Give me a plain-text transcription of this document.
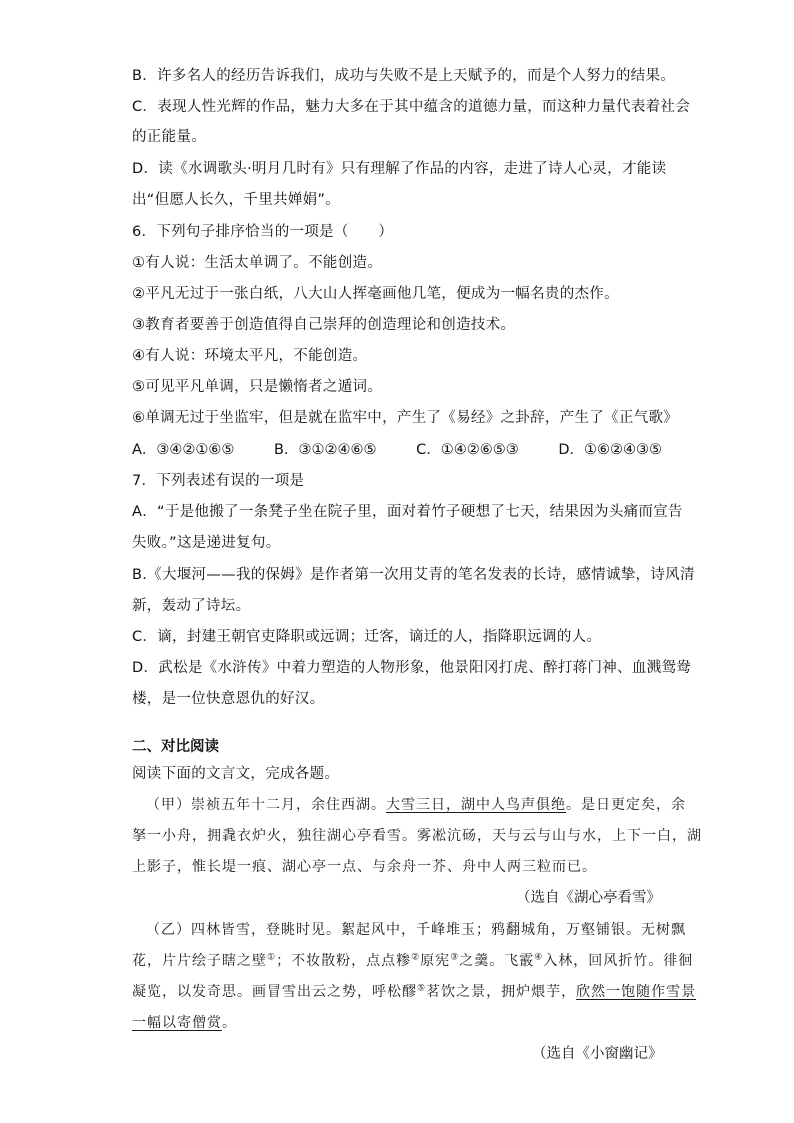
B．许多名人的经历告诉我们，成功与失败不是上天赋予的，而是个人努力的结果。
C．表现人性光辉的作品，魅力大多在于其中蕴含的道德力量，而这种力量代表着社会
的正能量。
D．读《水调歌头·明月几时有》只有理解了作品的内容，走进了诗人心灵，才能读
出“但愿人长久，千里共婵娟”。
6．下列句子排序恰当的一项是（　　）
①有人说：生活太单调了。不能创造。
②平凡无过于一张白纸，八大山人挥毫画他几笔，便成为一幅名贵的杰作。
③教育者要善于创造值得自己崇拜的创造理论和创造技术。
④有人说：环境太平凡，不能创造。
⑤可见平凡单调，只是懒惰者之遁词。
⑥单调无过于坐监牢，但是就在监牢中，产生了《易经》之卦辞，产生了《正气歌》
A．③④②①⑥⑤	B．③①②④⑥⑤	C．①④②⑥⑤③	D．①⑥②④③⑤
7．下列表述有误的一项是
A．“于是他搬了一条凳子坐在院子里，面对着竹子硬想了七天，结果因为头痛而宣告
失败。”这是递进复句。
B.《大堰河——我的保姆》是作者第一次用艾青的笔名发表的长诗，感情诚挚，诗风清
新，轰动了诗坛。
C．谪，封建王朝官吏降职或远调；迁客，谪迁的人，指降职远调的人。
D．武松是《水浒传》中着力塑造的人物形象，他景阳冈打虎、醉打蒋门神、血溅鸳鸯
楼，是一位快意恩仇的好汉。
二、对比阅读
阅读下面的文言文，完成各题。
（甲）崇祯五年十二月，余住西湖。大雪三日，湖中人鸟声俱绝。是日更定矣，余
拏一小舟，拥毳衣炉火，独往湖心亭看雪。雾凇沆砀，天与云与山与水，上下一白，湖
上影子，惟长堤一痕、湖心亭一点、与余舟一芥、舟中人两三粒而已。
（选自《湖心亭看雪》
（乙）四林皆雪，登眺时见。絮起风中，千峰堆玉；鸦翻城角，万壑铺银。无树飘
花，片片绘子瞎之壁①；不妆散粉，点点糁②原宪③之羹。飞霰④入林，回风折竹。徘徊
凝览，以发奇思。画冒雪出云之势，呼松醪⑤茗饮之景，拥炉煨芋，欣然一饱随作雪景
一幅以寄僧赏。
（选自《小窗幽记》
